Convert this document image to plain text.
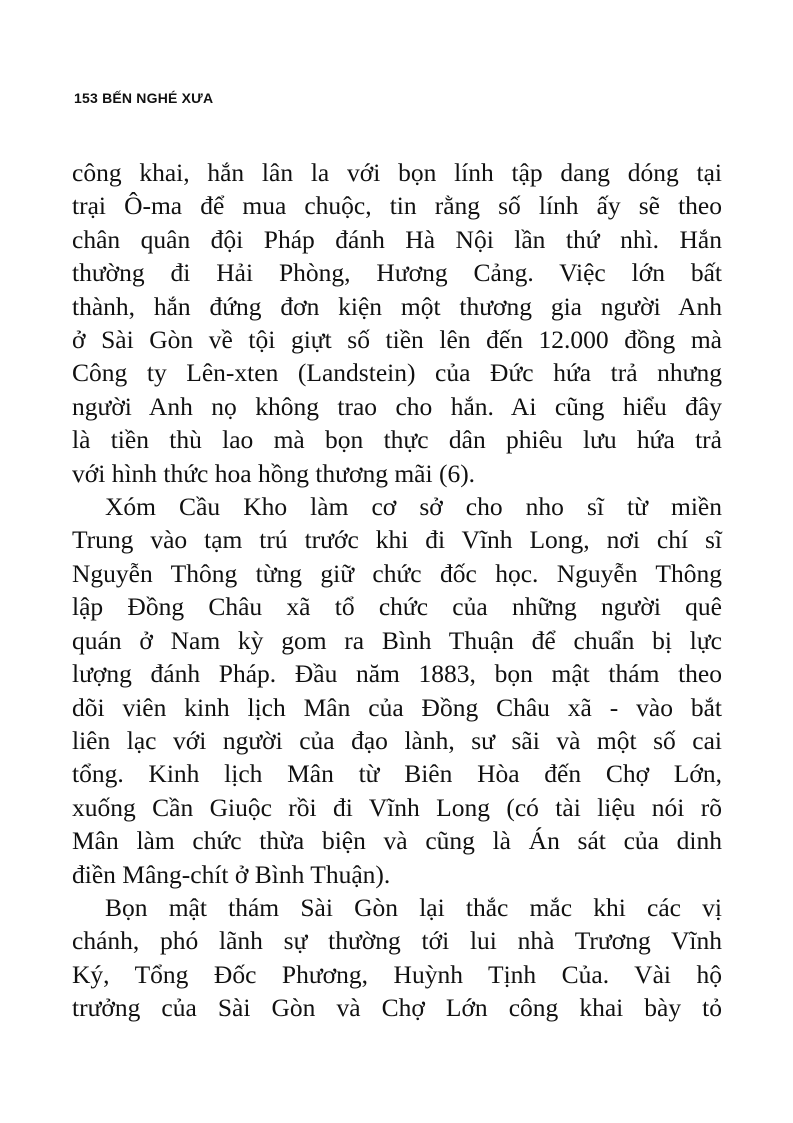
153 BẾN NGHÉ XƯA
công khai, hắn lân la với bọn lính tập dang dóng tại
trại Ô-ma để mua chuộc, tin rằng số lính ấy sẽ theo
chân quân đội Pháp đánh Hà Nội lần thứ nhì. Hắn
thường đi Hải Phòng, Hương Cảng. Việc lớn bất
thành, hắn đứng đơn kiện một thương gia người Anh
ở Sài Gòn về tội giựt số tiền lên đến 12.000 đồng mà
Công ty Lên-xten (Landstein) của Đức hứa trả nhưng
người Anh nọ không trao cho hắn. Ai cũng hiểu đây
là tiền thù lao mà bọn thực dân phiêu lưu hứa trả
với hình thức hoa hồng thương mãi (6).
Xóm Cầu Kho làm cơ sở cho nho sĩ từ miền
Trung vào tạm trú trước khi đi Vĩnh Long, nơi chí sĩ
Nguyễn Thông từng giữ chức đốc học. Nguyễn Thông
lập Đồng Châu xã tổ chức của những người quê
quán ở Nam kỳ gom ra Bình Thuận để chuẩn bị lực
lượng đánh Pháp. Đầu năm 1883, bọn mật thám theo
dõi viên kinh lịch Mân của Đồng Châu xã - vào bắt
liên lạc với người của đạo lành, sư sãi và một số cai
tổng. Kinh lịch Mân từ Biên Hòa đến Chợ Lớn,
xuống Cần Giuộc rồi đi Vĩnh Long (có tài liệu nói rõ
Mân làm chức thừa biện và cũng là Án sát của dinh
điền Mâng-chít ở Bình Thuận).
Bọn mật thám Sài Gòn lại thắc mắc khi các vị
chánh, phó lãnh sự thường tới lui nhà Trương Vĩnh
Ký, Tổng Đốc Phương, Huỳnh Tịnh Của. Vài hộ
trưởng của Sài Gòn và Chợ Lớn công khai bày tỏ
